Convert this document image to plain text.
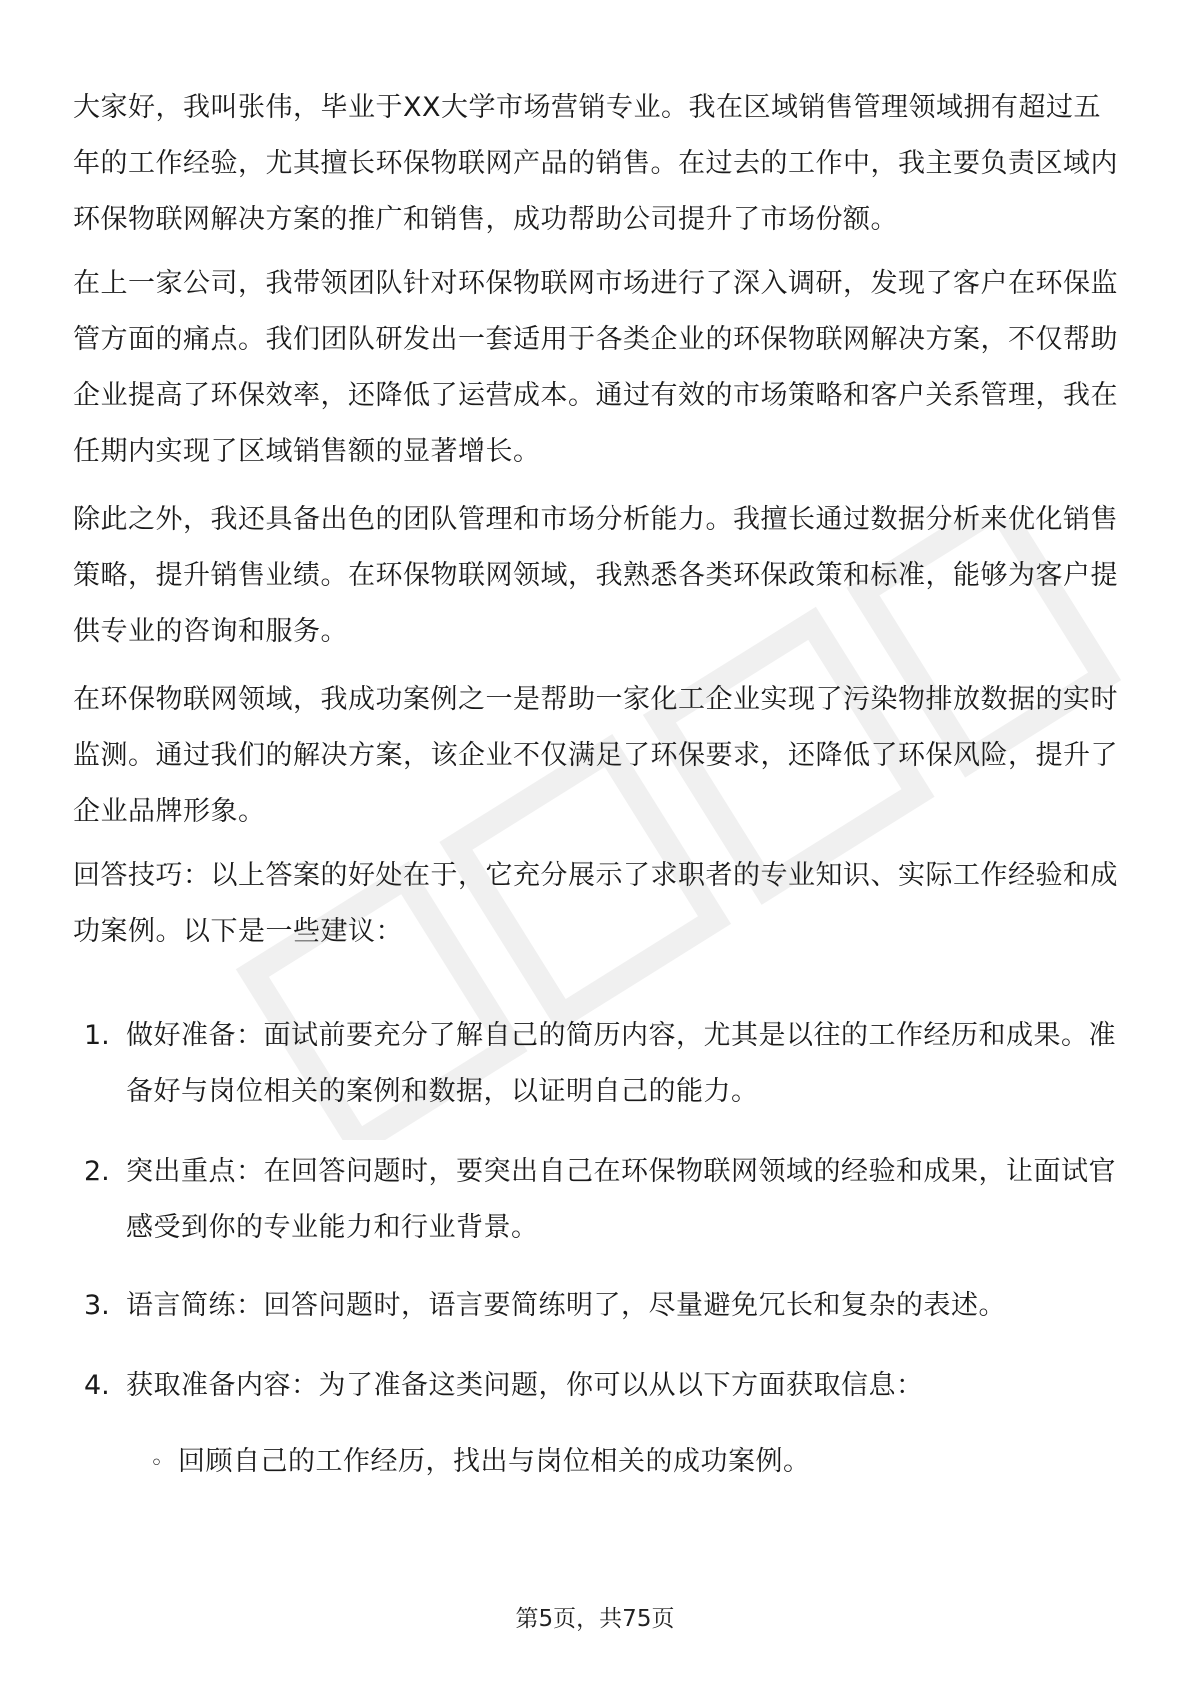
大家好，我叫张伟，毕业于XX大学市场营销专业。我在区域销售管理领域拥有超过五年的工作经验，尤其擅长环保物联网产品的销售。在过去的工作中，我主要负责区域内环保物联网解决方案的推广和销售，成功帮助公司提升了市场份额。

在上一家公司，我带领团队针对环保物联网市场进行了深入调研，发现了客户在环保监管方面的痛点。我们团队研发出一套适用于各类企业的环保物联网解决方案，不仅帮助企业提高了环保效率，还降低了运营成本。通过有效的市场策略和客户关系管理，我在任期内实现了区域销售额的显著增长。

除此之外，我还具备出色的团队管理和市场分析能力。我擅长通过数据分析来优化销售策略，提升销售业绩。在环保物联网领域，我熟悉各类环保政策和标准，能够为客户提供专业的咨询和服务。

在环保物联网领域，我成功案例之一是帮助一家化工企业实现了污染物排放数据的实时监测。通过我们的解决方案，该企业不仅满足了环保要求，还降低了环保风险，提升了企业品牌形象。

回答技巧：以上答案的好处在于，它充分展示了求职者的专业知识、实际工作经验和成功案例。以下是一些建议：

1. 做好准备：面试前要充分了解自己的简历内容，尤其是以往的工作经历和成果。准备好与岗位相关的案例和数据，以证明自己的能力。
2. 突出重点：在回答问题时，要突出自己在环保物联网领域的经验和成果，让面试官感受到你的专业能力和行业背景。
3. 语言简练：回答问题时，语言要简练明了，尽量避免冗长和复杂的表述。
4. 获取准备内容：为了准备这类问题，你可以从以下方面获取信息：
◦ 回顾自己的工作经历，找出与岗位相关的成功案例。
第5页，共75页
